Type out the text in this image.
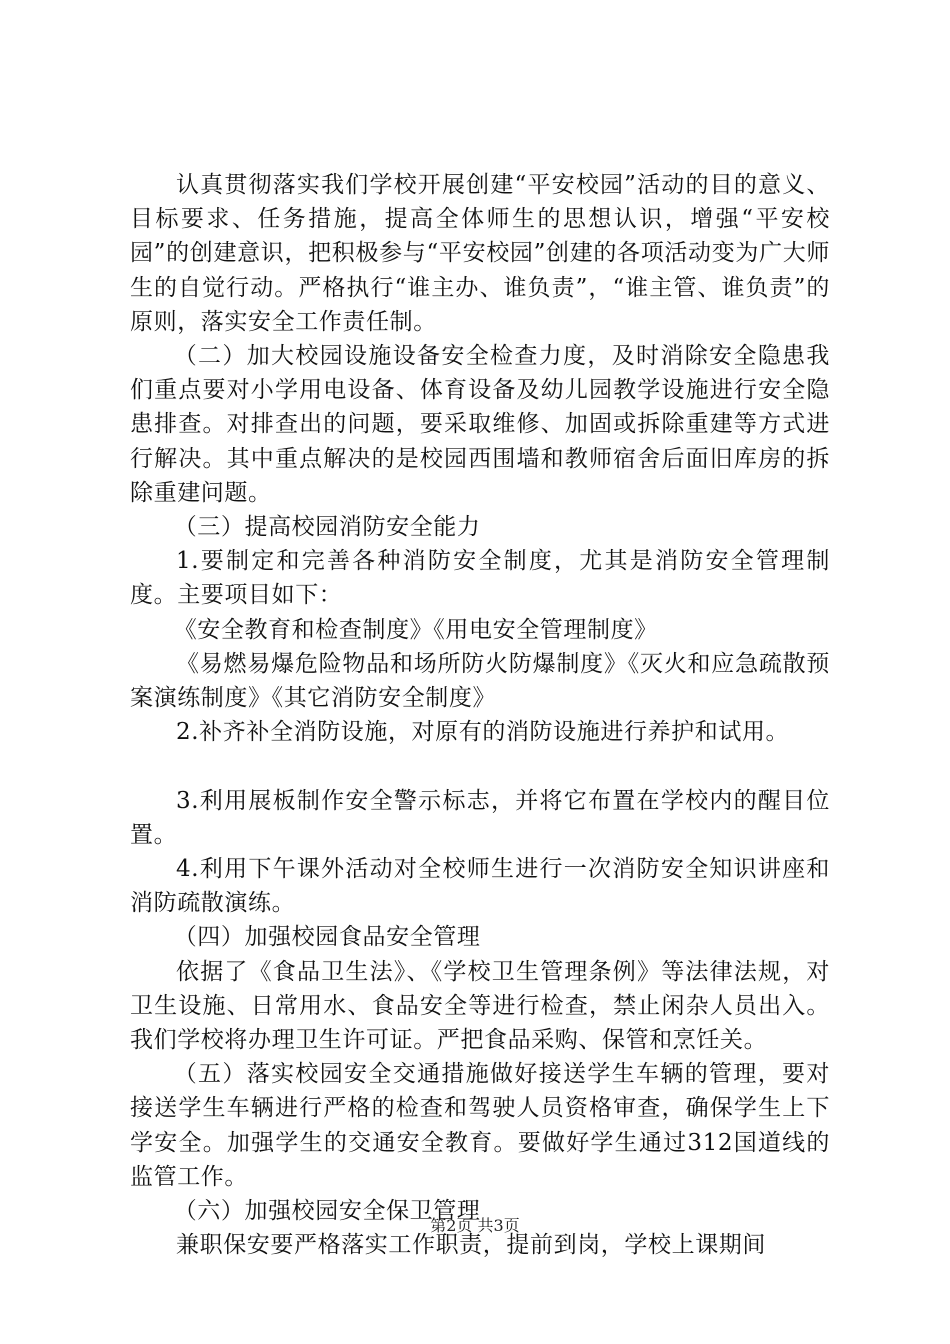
认真贯彻落实我们学校开展创建“平安校园”活动的目的意义、目标要求、任务措施，提高全体师生的思想认识，增强“平安校园”的创建意识，把积极参与“平安校园”创建的各项活动变为广大师生的自觉行动。严格执行“谁主办、谁负责”，“谁主管、谁负责”的原则，落实安全工作责任制。

（二）加大校园设施设备安全检查力度，及时消除安全隐患我们重点要对小学用电设备、体育设备及幼儿园教学设施进行安全隐患排查。对排查出的问题，要采取维修、加固或拆除重建等方式进行解决。其中重点解决的是校园西围墙和教师宿舍后面旧库房的拆除重建问题。

（三）提高校园消防安全能力

1.要制定和完善各种消防安全制度，尤其是消防安全管理制度。主要项目如下：

《安全教育和检查制度》《用电安全管理制度》

《易燃易爆危险物品和场所防火防爆制度》《灭火和应急疏散预案演练制度》《其它消防安全制度》

2.补齐补全消防设施，对原有的消防设施进行养护和试用。

3.利用展板制作安全警示标志，并将它布置在学校内的醒目位置。

4.利用下午课外活动对全校师生进行一次消防安全知识讲座和消防疏散演练。

（四）加强校园食品安全管理

依据了《食品卫生法》、《学校卫生管理条例》等法律法规，对卫生设施、日常用水、食品安全等进行检查，禁止闲杂人员出入。我们学校将办理卫生许可证。严把食品采购、保管和烹饪关。

（五）落实校园安全交通措施做好接送学生车辆的管理，要对接送学生车辆进行严格的检查和驾驶人员资格审查，确保学生上下学安全。加强学生的交通安全教育。要做好学生通过312国道线的监管工作。

（六）加强校园安全保卫管理

兼职保安要严格落实工作职责，提前到岗，学校上课期间

第2页 共3页
